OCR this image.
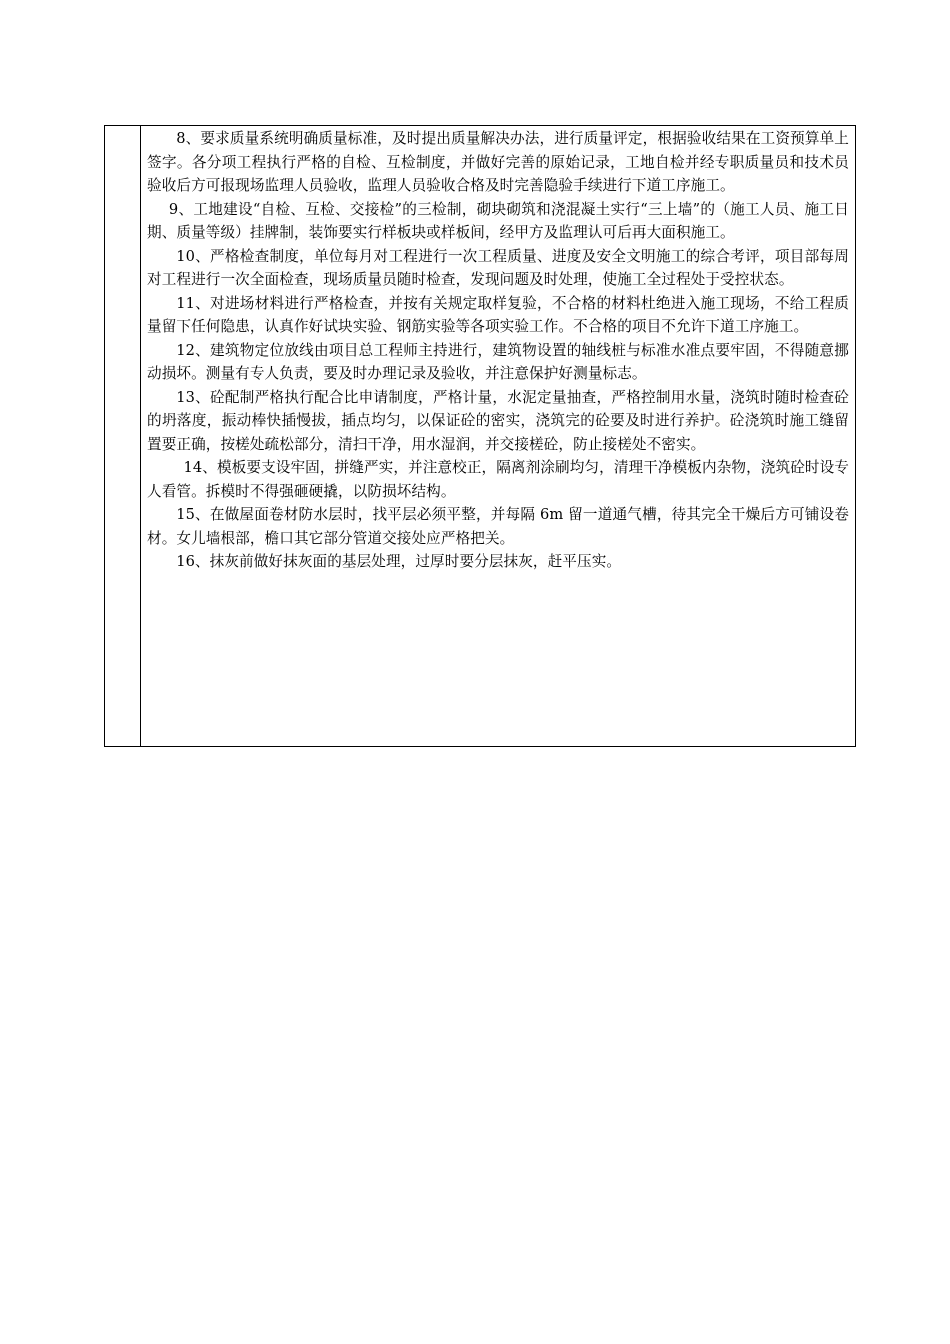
8、要求质量系统明确质量标准，及时提出质量解决办法，进行质量评定，根据验收结果在工资预算单上签字。各分项工程执行严格的自检、互检制度，并做好完善的原始记录，工地自检并经专职质量员和技术员验收后方可报现场监理人员验收，监理人员验收合格及时完善隐验手续进行下道工序施工。

9、工地建设“自检、互检、交接检”的三检制，砌块砌筑和浇混凝土实行“三上墙”的（施工人员、施工日期、质量等级）挂牌制，装饰要实行样板块或样板间，经甲方及监理认可后再大面积施工。

10、严格检查制度，单位每月对工程进行一次工程质量、进度及安全文明施工的综合考评，项目部每周对工程进行一次全面检查，现场质量员随时检查，发现问题及时处理，使施工全过程处于受控状态。

11、对进场材料进行严格检查，并按有关规定取样复验，不合格的材料杜绝进入施工现场，不给工程质量留下任何隐患，认真作好试块实验、钢筋实验等各项实验工作。不合格的项目不允许下道工序施工。

12、建筑物定位放线由项目总工程师主持进行，建筑物设置的轴线桩与标准水准点要牢固，不得随意挪动损坏。测量有专人负责，要及时办理记录及验收，并注意保护好测量标志。

13、砼配制严格执行配合比申请制度，严格计量，水泥定量抽查，严格控制用水量，浇筑时随时检查砼的坍落度，振动棒快插慢拔，插点均匀，以保证砼的密实，浇筑完的砼要及时进行养护。砼浇筑时施工缝留置要正确，按槎处疏松部分，清扫干净，用水湿润，并交接槎砼，防止接槎处不密实。

14、模板要支设牢固，拼缝严实，并注意校正，隔离剂涂刷均匀，清理干净模板内杂物，浇筑砼时设专人看管。拆模时不得强砸硬撬，以防损坏结构。

15、在做屋面卷材防水层时，找平层必须平整，并每隔 6m 留一道通气槽，待其完全干燥后方可铺设卷材。女儿墙根部，檐口其它部分管道交接处应严格把关。

16、抹灰前做好抹灰面的基层处理，过厚时要分层抹灰，赶平压实。
